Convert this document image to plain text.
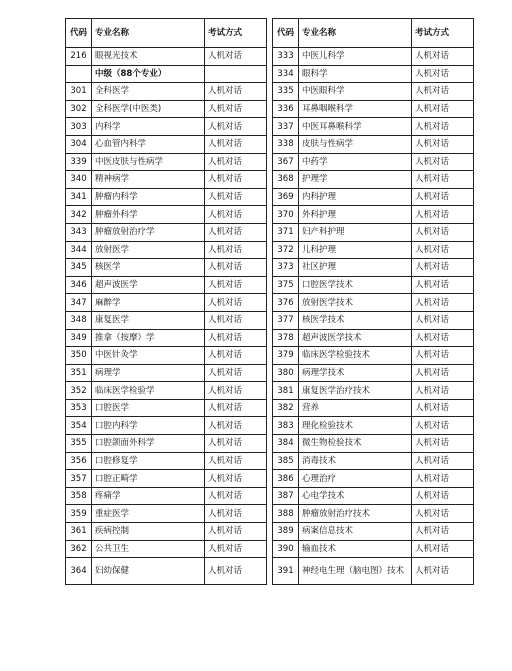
代码	专业名称	考试方式
216	眼视光技术	人机对话
	中级（88个专业）	
301	全科医学	人机对话
302	全科医学(中医类)	人机对话
303	内科学	人机对话
304	心血管内科学	人机对话
339	中医皮肤与性病学	人机对话
340	精神病学	人机对话
341	肿瘤内科学	人机对话
342	肿瘤外科学	人机对话
343	肿瘤放射治疗学	人机对话
344	放射医学	人机对话
345	核医学	人机对话
346	超声波医学	人机对话
347	麻醉学	人机对话
348	康复医学	人机对话
349	推拿（按摩）学	人机对话
350	中医针灸学	人机对话
351	病理学	人机对话
352	临床医学检验学	人机对话
353	口腔医学	人机对话
354	口腔内科学	人机对话
355	口腔颌面外科学	人机对话
356	口腔修复学	人机对话
357	口腔正畸学	人机对话
358	疼痛学	人机对话
359	重症医学	人机对话
361	疾病控制	人机对话
362	公共卫生	人机对话
364	妇幼保健	人机对话
代码	专业名称	考试方式
333	中医儿科学	人机对话
334	眼科学	人机对话
335	中医眼科学	人机对话
336	耳鼻咽喉科学	人机对话
337	中医耳鼻喉科学	人机对话
338	皮肤与性病学	人机对话
367	中药学	人机对话
368	护理学	人机对话
369	内科护理	人机对话
370	外科护理	人机对话
371	妇产科护理	人机对话
372	儿科护理	人机对话
373	社区护理	人机对话
375	口腔医学技术	人机对话
376	放射医学技术	人机对话
377	核医学技术	人机对话
378	超声波医学技术	人机对话
379	临床医学检验技术	人机对话
380	病理学技术	人机对话
381	康复医学治疗技术	人机对话
382	营养	人机对话
383	理化检验技术	人机对话
384	微生物检验技术	人机对话
385	消毒技术	人机对话
386	心理治疗	人机对话
387	心电学技术	人机对话
388	肿瘤放射治疗技术	人机对话
389	病案信息技术	人机对话
390	输血技术	人机对话
391	神经电生理（脑电图）技术	人机对话
